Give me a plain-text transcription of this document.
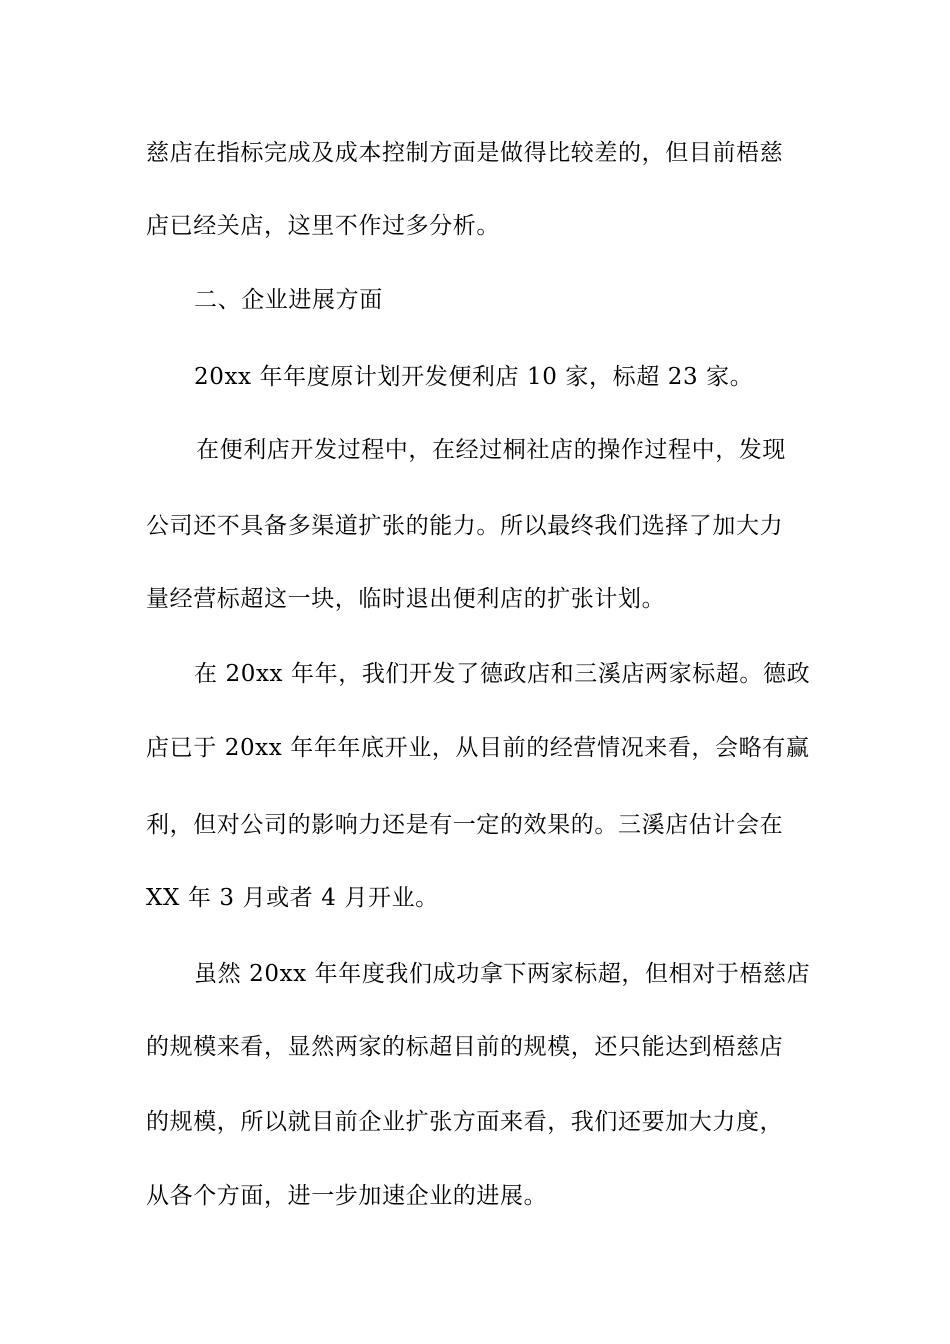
慈店在指标完成及成本控制方面是做得比较差的，但目前梧慈
店已经关店，这里不作过多分析。
二、企业进展方面
20xx 年年度原计划开发便利店 10 家，标超 23 家。
在便利店开发过程中，在经过桐社店的操作过程中，发现
公司还不具备多渠道扩张的能力。所以最终我们选择了加大力
量经营标超这一块，临时退出便利店的扩张计划。
在 20xx 年年，我们开发了德政店和三溪店两家标超。德政
店已于 20xx 年年年底开业，从目前的经营情况来看，会略有赢
利，但对公司的影响力还是有一定的效果的。三溪店估计会在
XX 年 3 月或者 4 月开业。
虽然 20xx 年年度我们成功拿下两家标超，但相对于梧慈店
的规模来看，显然两家的标超目前的规模，还只能达到梧慈店
的规模，所以就目前企业扩张方面来看，我们还要加大力度，
从各个方面，进一步加速企业的进展。
